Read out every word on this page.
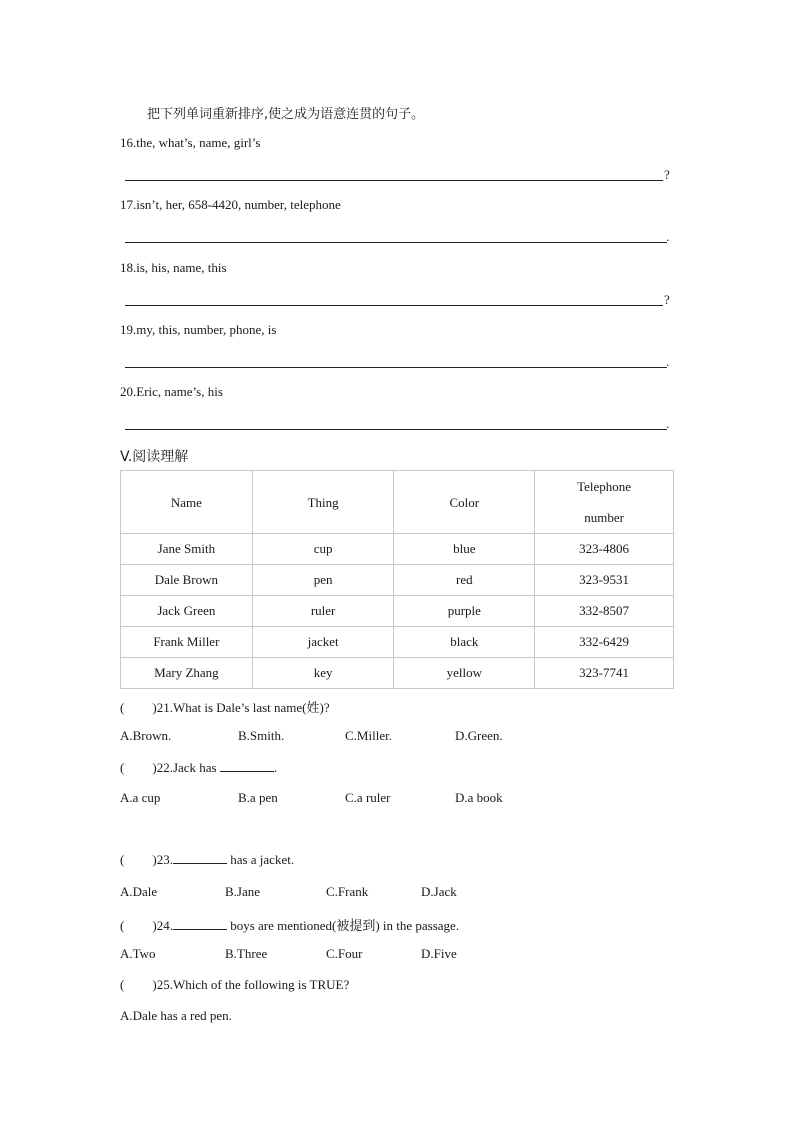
把下列单词重新排序,使之成为语意连贯的句子。
16.the, what’s, name, girl’s
?
17.isn’t, her, 658-4420, number, telephone
.
18.is, his, name, this
?
19.my, this, number, phone, is
.
20.Eric, name’s, his
.
V.阅读理解
Name	Thing	Color	Telephone
number
Jane Smith	cup	blue	323-4806
Dale Brown	pen	red	323-9531
Jack Green	ruler	purple	332-8507
Frank Miller	jacket	black	332-6429
Mary Zhang	key	yellow	323-7741
( )21.What is Dale’s last name(姓)?
A.Brown.	B.Smith.	C.Miller.	D.Green.
( )22.Jack has	.
A.a cup	B.a pen	C.a ruler	D.a book
( )23.	has a jacket.
A.Dale	B.Jane	C.Frank	D.Jack
( )24.	boys are mentioned(被提到) in the passage.
A.Two	B.Three	C.Four	D.Five
( )25.Which of the following is TRUE?
A.Dale has a red pen.
